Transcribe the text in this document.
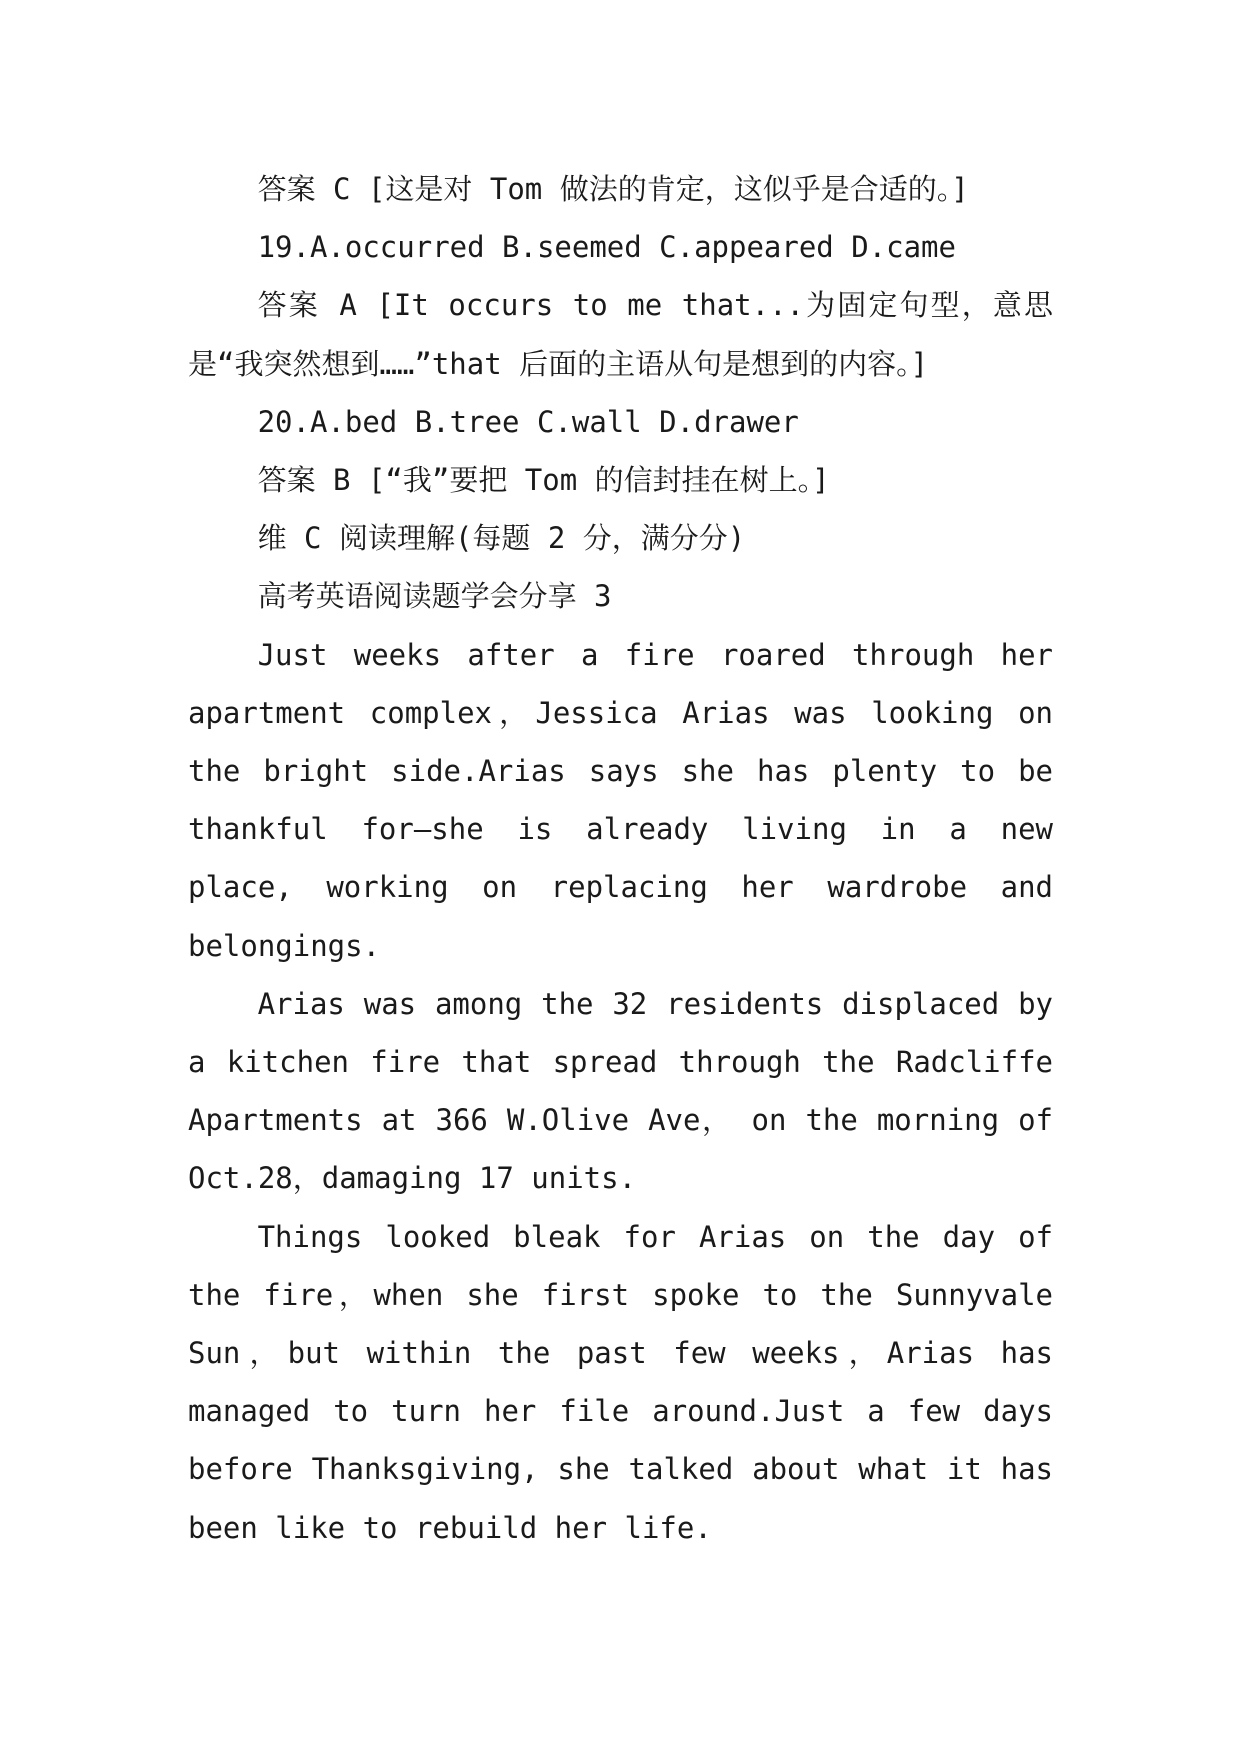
答案 C [这是对 Tom 做法的肯定，这似乎是合适的。]

19.A.occurred B.seemed C.appeared D.came

答案 A [It occurs to me that...为固定句型，意思是“我突然想到……”that 后面的主语从句是想到的内容。]

20.A.bed B.tree C.wall D.drawer

答案 B [“我”要把 Tom 的信封挂在树上。]

维 C 阅读理解(每题 2 分，满分分)

高考英语阅读题学会分享 3

Just weeks after a fire roared through her apartment complex，Jessica Arias was looking on the bright side.Arias says she has plenty to be thankful for—she is already living in a new place, working on replacing her wardrobe and belongings.

Arias was among the 32 residents displaced by a kitchen fire that spread through the Radcliffe Apartments at 366 W.Olive Ave， on the morning of Oct.28，damaging 17 units.

Things looked bleak for Arias on the day of the fire，when she first spoke to the Sunnyvale Sun，but within the past few weeks，Arias has managed to turn her file around.Just a few days before Thanksgiving, she talked about what it has been like to rebuild her life.
